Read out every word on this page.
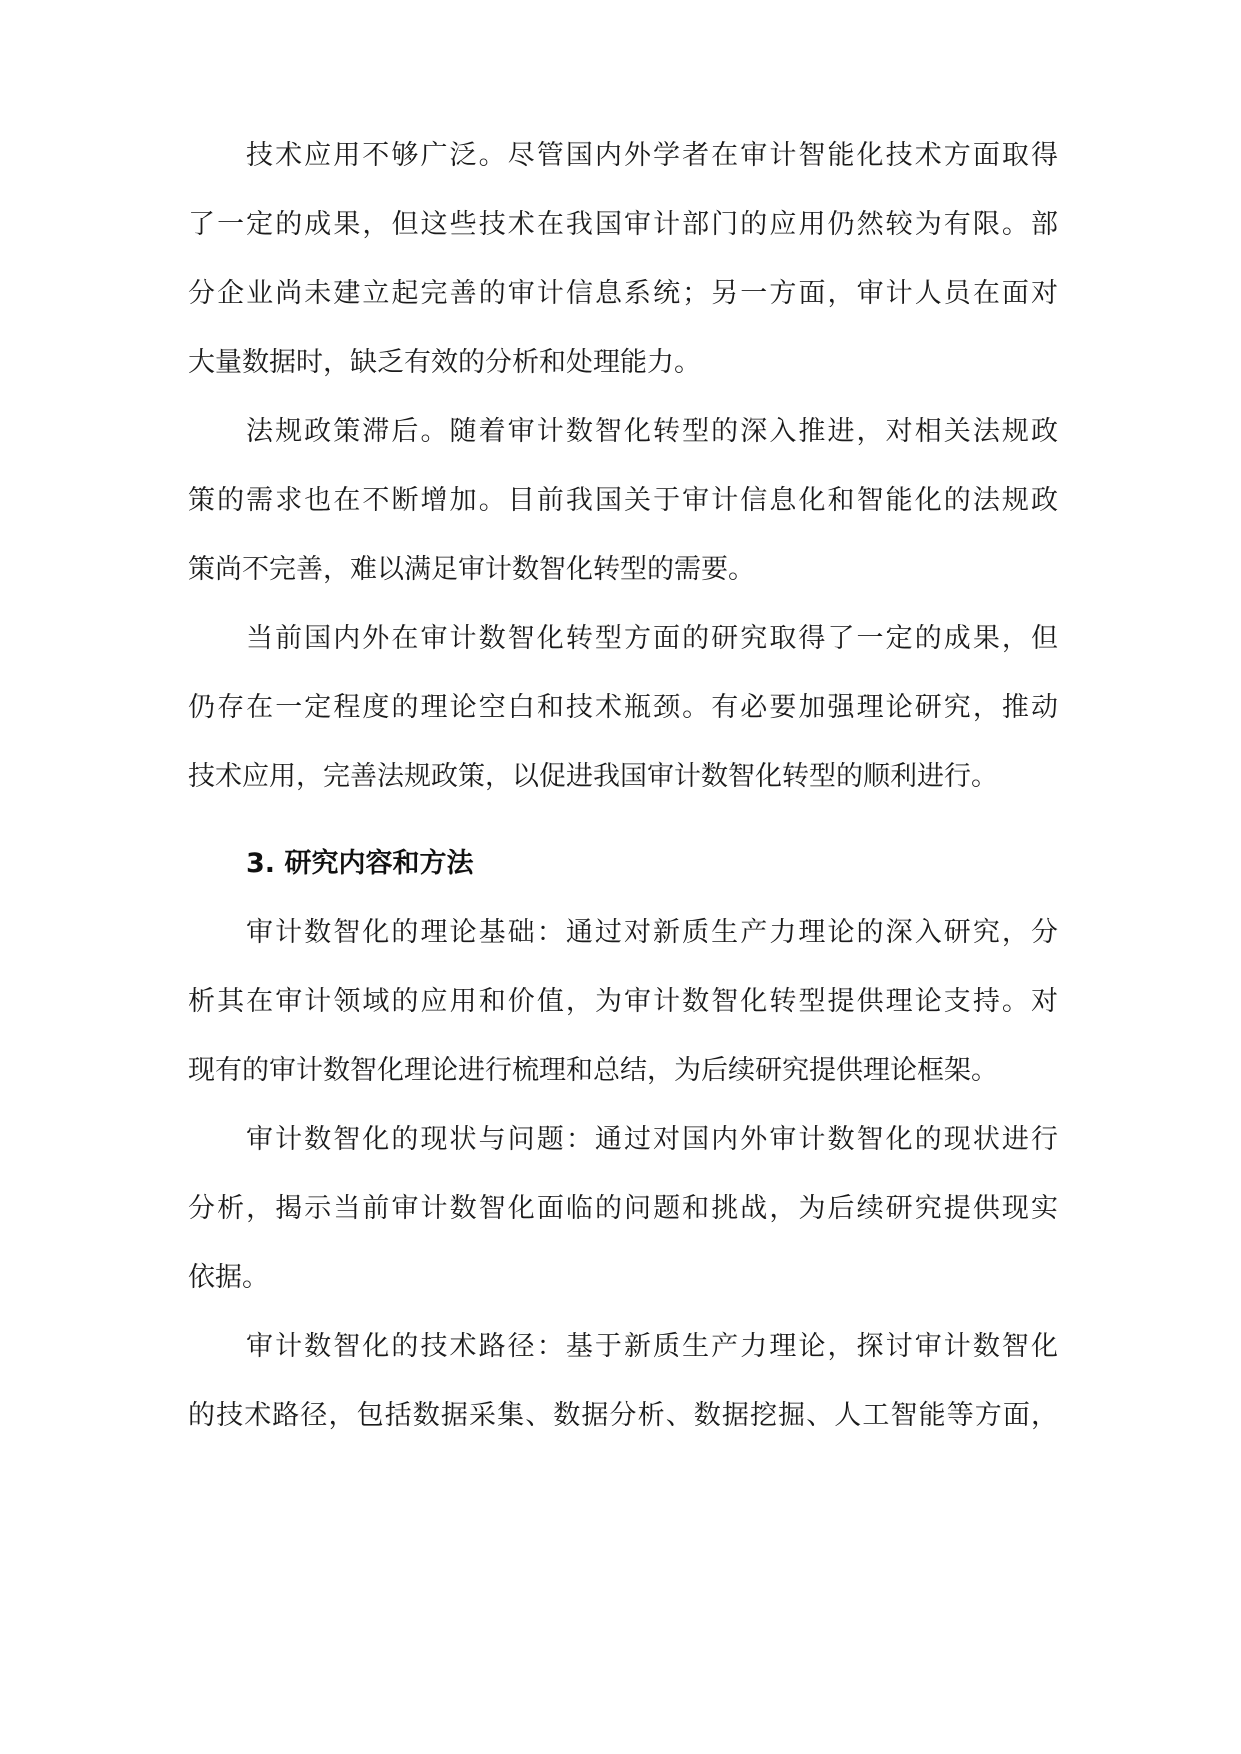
技术应用不够广泛。尽管国内外学者在审计智能化技术方面取得
了一定的成果，但这些技术在我国审计部门的应用仍然较为有限。部
分企业尚未建立起完善的审计信息系统；另一方面，审计人员在面对
大量数据时，缺乏有效的分析和处理能力。
法规政策滞后。随着审计数智化转型的深入推进，对相关法规政
策的需求也在不断增加。目前我国关于审计信息化和智能化的法规政
策尚不完善，难以满足审计数智化转型的需要。
当前国内外在审计数智化转型方面的研究取得了一定的成果，但
仍存在一定程度的理论空白和技术瓶颈。有必要加强理论研究，推动
技术应用，完善法规政策，以促进我国审计数智化转型的顺利进行。
3. 研究内容和方法
审计数智化的理论基础：通过对新质生产力理论的深入研究，分
析其在审计领域的应用和价值，为审计数智化转型提供理论支持。对
现有的审计数智化理论进行梳理和总结，为后续研究提供理论框架。
审计数智化的现状与问题：通过对国内外审计数智化的现状进行
分析，揭示当前审计数智化面临的问题和挑战，为后续研究提供现实
依据。
审计数智化的技术路径：基于新质生产力理论，探讨审计数智化
的技术路径，包括数据采集、数据分析、数据挖掘、人工智能等方面，
